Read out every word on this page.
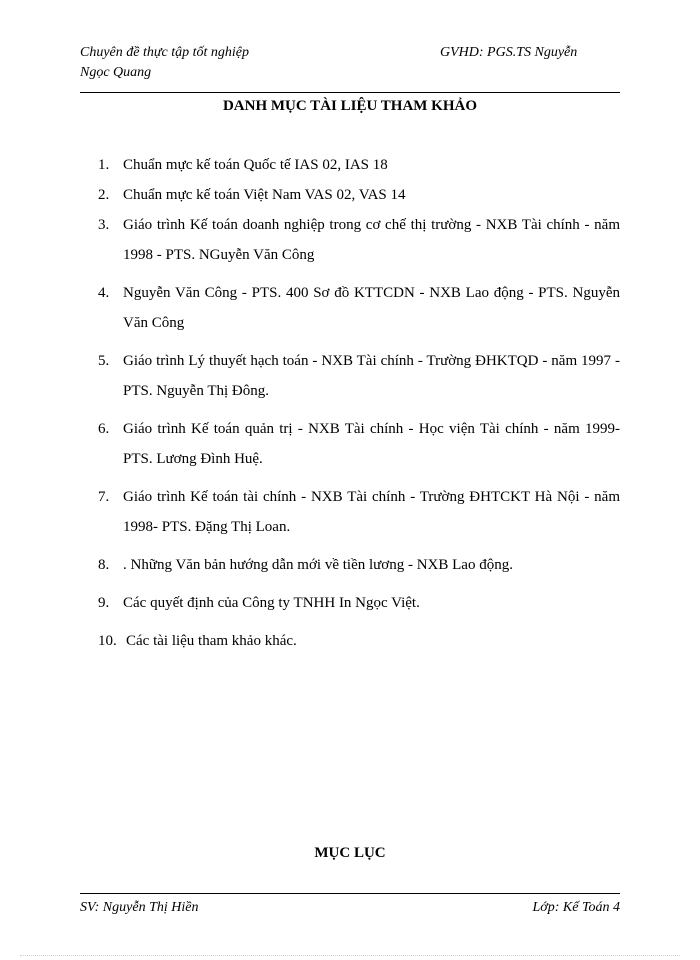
Chuyên đề thực tập tốt nghiệp
Ngọc Quang
GVHD: PGS.TS Nguyễn
DANH MỤC TÀI LIỆU THAM KHẢO
1. Chuẩn mực kế toán Quốc tế IAS 02, IAS 18
2. Chuẩn mực kế toán Việt Nam VAS 02, VAS 14
3. Giáo trình Kế toán doanh nghiệp trong cơ chế thị trường - NXB Tài chính - năm 1998 - PTS. NGuyễn Văn Công
4. Nguyễn Văn Công - PTS. 400 Sơ đồ KTTCDN - NXB Lao động - PTS. Nguyễn Văn Công
5. Giáo trình Lý thuyết hạch toán - NXB Tài chính - Trường ĐHKTQD - năm 1997 - PTS. Nguyễn Thị Đông.
6. Giáo trình Kế toán quản trị - NXB Tài chính - Học viện Tài chính - năm 1999- PTS. Lương Đình Huệ.
7. Giáo trình Kế toán tài chính - NXB Tài chính - Trường ĐHTCKT Hà Nội - năm 1998- PTS. Đặng Thị Loan.
8. . Những Văn bản hướng dẫn mới về tiền lương - NXB Lao động.
9. Các quyết định của Công ty TNHH In Ngọc Việt.
10. Các tài liệu tham khảo khác.
MỤC LỤC
SV: Nguyễn Thị Hiền	Lớp: Kế Toán 4
